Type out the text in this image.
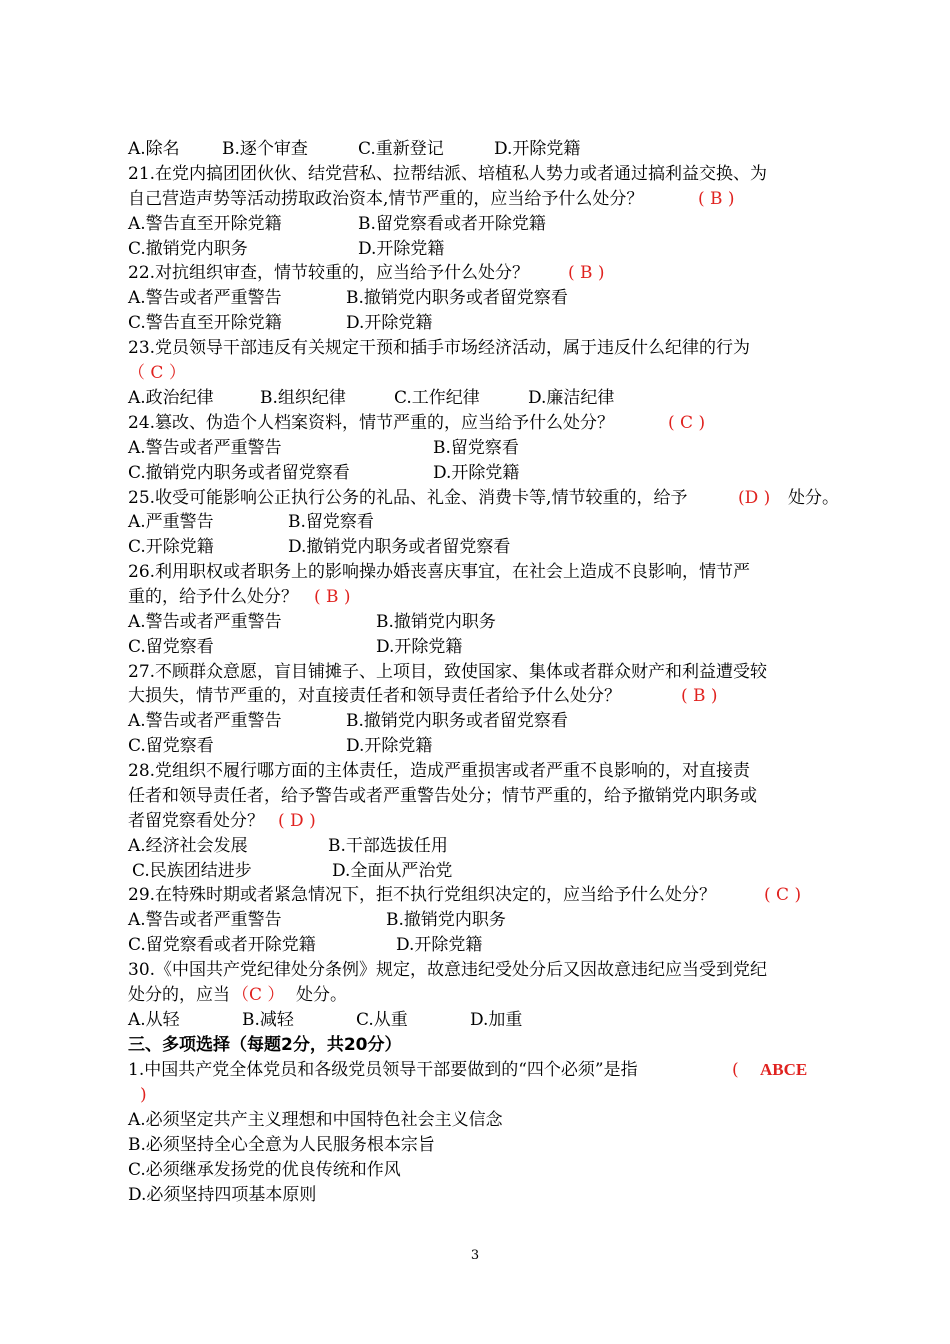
A.除名 B.逐个审查	C.重新登记	D.开除党籍
21.在党内搞团团伙伙、结党营私、拉帮结派、培植私人势力或者通过搞利益交换、为
自己营造声势等活动捞取政治资本,情节严重的，应当给予什么处分？	( B )
A.警告直至开除党籍	B.留党察看或者开除党籍
C.撤销党内职务	D.开除党籍
22.对抗组织审查，情节较重的，应当给予什么处分？ ( B )
A.警告或者严重警告	B.撤销党内职务或者留党察看
C.警告直至开除党籍	D.开除党籍
23.党员领导干部违反有关规定干预和插手市场经济活动，属于违反什么纪律的行为
（ C ）
A.政治纪律	B.组织纪律	C.工作纪律	D.廉洁纪律
24.篡改、伪造个人档案资料，情节严重的，应当给予什么处分？	( C )
A.警告或者严重警告	B.留党察看
C.撤销党内职务或者留党察看	D.开除党籍
25.收受可能影响公正执行公务的礼品、礼金、消费卡等,情节较重的，给予	(D ) 处分。
A.严重警告	B.留党察看
C.开除党籍	D.撤销党内职务或者留党察看
26.利用职权或者职务上的影响操办婚丧喜庆事宜，在社会上造成不良影响，情节严
重的，给予什么处分？ ( B )
A.警告或者严重警告	B.撤销党内职务
C.留党察看	D.开除党籍
27.不顾群众意愿，盲目铺摊子、上项目，致使国家、集体或者群众财产和利益遭受较
大损失，情节严重的，对直接责任者和领导责任者给予什么处分？	( B )
A.警告或者严重警告	B.撤销党内职务或者留党察看
C.留党察看	D.开除党籍
28.党组织不履行哪方面的主体责任，造成严重损害或者严重不良影响的，对直接责
任者和领导责任者，给予警告或者严重警告处分；情节严重的，给予撤销党内职务或
者留党察看处分？ ( D )
A.经济社会发展	B.干部选拔任用
C.民族团结进步	D.全面从严治党
29.在特殊时期或者紧急情况下，拒不执行党组织决定的，应当给予什么处分？	( C )
A.警告或者严重警告	B.撤销党内职务
C.留党察看或者开除党籍	D.开除党籍
30.《中国共产党纪律处分条例》规定，故意违纪受处分后又因故意违纪应当受到党纪
处分的，应当 （C ） 处分。
A.从轻	B.减轻	C.从重	D.加重
三、多项选择（每题2分，共20分）
1.中国共产党全体党员和各级党员领导干部要做到的“四个必须”是指	( ABCE
)
A.必须坚定共产主义理想和中国特色社会主义信念
B.必须坚持全心全意为人民服务根本宗旨
C.必须继承发扬党的优良传统和作风
D.必须坚持四项基本原则
3
